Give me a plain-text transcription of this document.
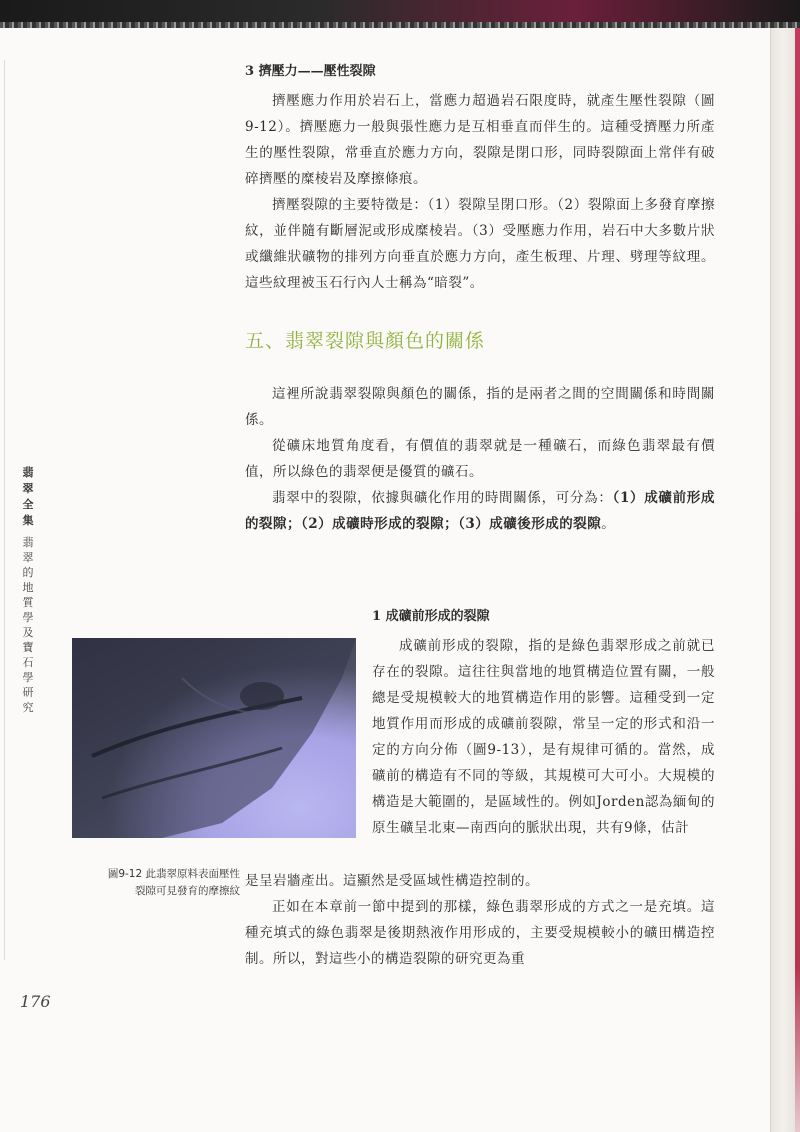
翡翠全集
翡翠的地質學及寶石學研究
3 擠壓力——壓性裂隙

擠壓應力作用於岩石上，當應力超過岩石限度時，就產生壓性裂隙（圖9-12）。擠壓應力一般與張性應力是互相垂直而伴生的。這種受擠壓力所產生的壓性裂隙，常垂直於應力方向，裂隙是閉口形，同時裂隙面上常伴有破碎擠壓的糜棱岩及摩擦條痕。

擠壓裂隙的主要特徵是：（1）裂隙呈閉口形。（2）裂隙面上多發育摩擦紋，並伴隨有斷層泥或形成糜棱岩。（3）受壓應力作用，岩石中大多數片狀或纖維狀礦物的排列方向垂直於應力方向，產生板理、片理、劈理等紋理。這些紋理被玉石行內人士稱為“暗裂”。

五、翡翠裂隙與顏色的關係

這裡所說翡翠裂隙與顏色的關係，指的是兩者之間的空間關係和時間關係。

從礦床地質角度看，有價值的翡翠就是一種礦石，而綠色翡翠最有價值，所以綠色的翡翠便是優質的礦石。

翡翠中的裂隙，依據與礦化作用的時間關係，可分為：（1）成礦前形成的裂隙；（2）成礦時形成的裂隙；（3）成礦後形成的裂隙。

圖9-12 此翡翠原料表面壓性
裂隙可見發育的摩擦紋
1 成礦前形成的裂隙

成礦前形成的裂隙，指的是綠色翡翠形成之前就已存在的裂隙。這往往與當地的地質構造位置有關，一般總是受規模較大的地質構造作用的影響。這種受到一定地質作用而形成的成礦前裂隙，常呈一定的形式和沿一定的方向分佈（圖9-13），是有規律可循的。當然，成礦前的構造有不同的等級，其規模可大可小。大規模的構造是大範圍的，是區域性的。例如Jorden認為緬甸的原生礦呈北東—南西向的脈狀出現，共有9條，估計

是呈岩牆產出。這顯然是受區域性構造控制的。

正如在本章前一節中提到的那樣，綠色翡翠形成的方式之一是充填。這種充填式的綠色翡翠是後期熱液作用形成的，主要受規模較小的礦田構造控制。所以，對這些小的構造裂隙的研究更為重

176
